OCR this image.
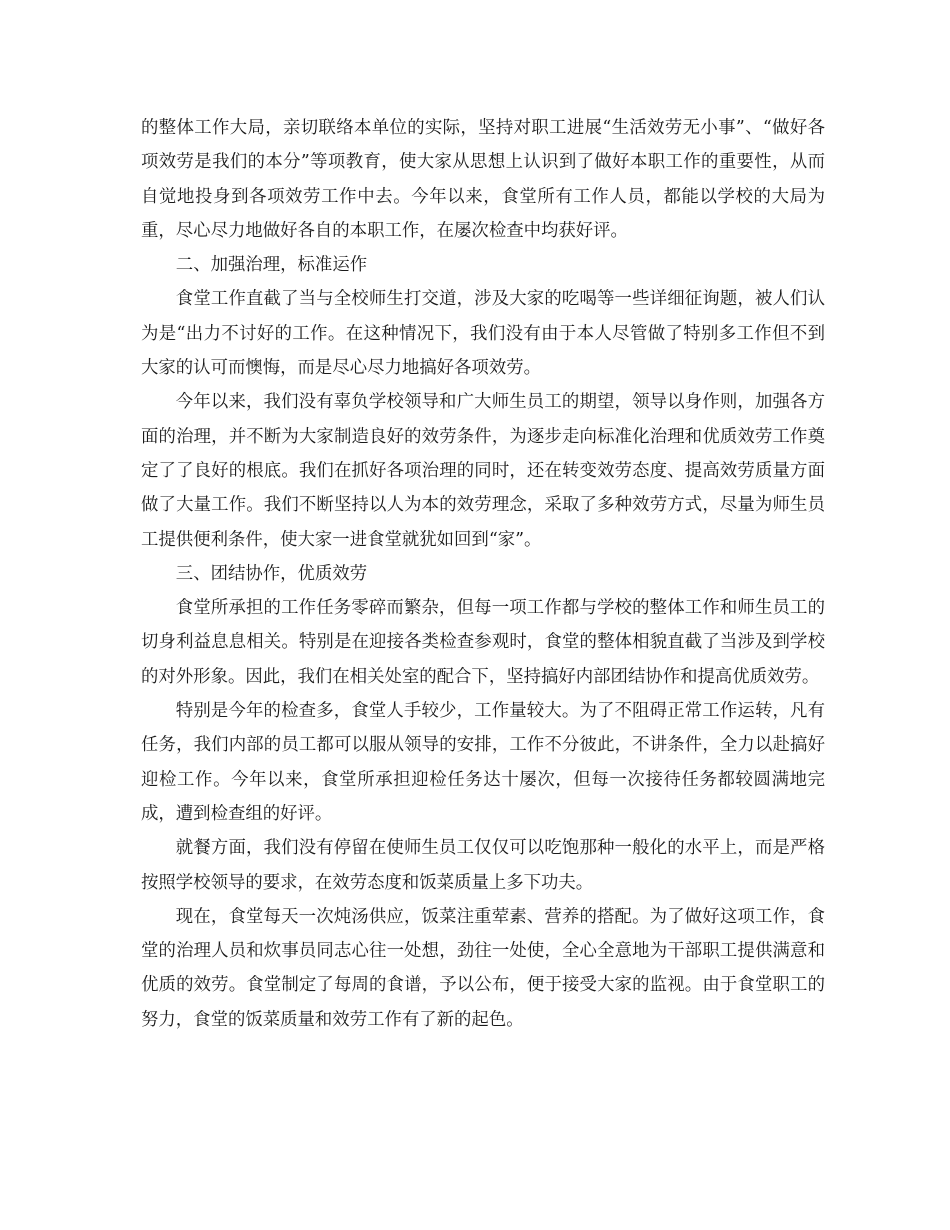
的整体工作大局，亲切联络本单位的实际，坚持对职工进展“生活效劳无小事”、“做好各项效劳是我们的本分”等项教育，使大家从思想上认识到了做好本职工作的重要性，从而自觉地投身到各项效劳工作中去。今年以来，食堂所有工作人员，都能以学校的大局为重，尽心尽力地做好各自的本职工作，在屡次检查中均获好评。

二、加强治理，标准运作

食堂工作直截了当与全校师生打交道，涉及大家的吃喝等一些详细征询题，被人们认为是“出力不讨好的工作。在这种情况下，我们没有由于本人尽管做了特别多工作但不到大家的认可而懊悔，而是尽心尽力地搞好各项效劳。

今年以来，我们没有辜负学校领导和广大师生员工的期望，领导以身作则，加强各方面的治理，并不断为大家制造良好的效劳条件，为逐步走向标准化治理和优质效劳工作奠定了了良好的根底。我们在抓好各项治理的同时，还在转变效劳态度、提高效劳质量方面做了大量工作。我们不断坚持以人为本的效劳理念，采取了多种效劳方式，尽量为师生员工提供便利条件，使大家一进食堂就犹如回到“家”。

三、团结协作，优质效劳

食堂所承担的工作任务零碎而繁杂，但每一项工作都与学校的整体工作和师生员工的切身利益息息相关。特别是在迎接各类检查参观时，食堂的整体相貌直截了当涉及到学校的对外形象。因此，我们在相关处室的配合下，坚持搞好内部团结协作和提高优质效劳。

特别是今年的检查多，食堂人手较少，工作量较大。为了不阻碍正常工作运转，凡有任务，我们内部的员工都可以服从领导的安排，工作不分彼此，不讲条件，全力以赴搞好迎检工作。今年以来，食堂所承担迎检任务达十屡次，但每一次接待任务都较圆满地完成，遭到检查组的好评。

就餐方面，我们没有停留在使师生员工仅仅可以吃饱那种一般化的水平上，而是严格按照学校领导的要求，在效劳态度和饭菜质量上多下功夫。

现在，食堂每天一次炖汤供应，饭菜注重荤素、营养的搭配。为了做好这项工作，食堂的治理人员和炊事员同志心往一处想，劲往一处使，全心全意地为干部职工提供满意和优质的效劳。食堂制定了每周的食谱，予以公布，便于接受大家的监视。由于食堂职工的努力，食堂的饭菜质量和效劳工作有了新的起色。
